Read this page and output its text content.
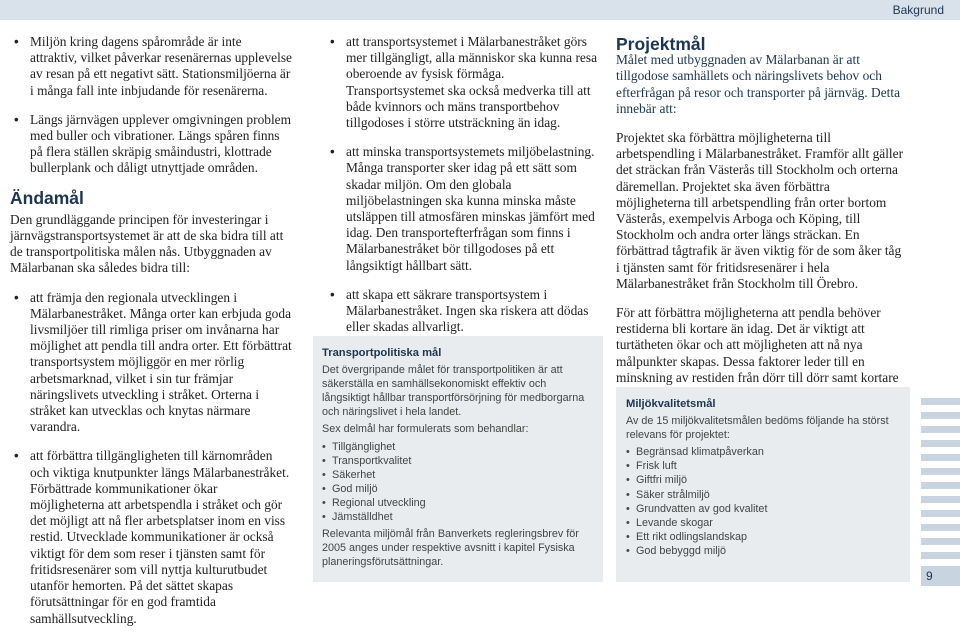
Bakgrund
• Miljön kring dagens spårområde är inte attraktiv, vilket påverkar resenärernas upplevelse av resan på ett negativt sätt. Stationsmiljöerna är i många fall inte inbjudande för resenärerna.
• Längs järnvägen upplever omgivningen problem med buller och vibrationer. Längs spåren finns på flera ställen skräpig småindustri, klottrade bullerplank och dåligt utnyttjade områden.
Ändamål

Den grundläggande principen för investeringar i järnvägstransportsystemet är att de ska bidra till att de transportpolitiska målen nås. Utbyggnaden av Mälarbanan ska således bidra till:

• att främja den regionala utvecklingen i Mälarbanestråket. Många orter kan erbjuda goda livsmiljöer till rimliga priser om invånarna har möjlighet att pendla till andra orter. Ett förbättrat transportsystem möjliggör en mer rörlig arbetsmarknad, vilket i sin tur främjar näringslivets utveckling i stråket. Orterna i stråket kan utvecklas och knytas närmare varandra.
• att förbättra tillgängligheten till kärnområden och viktiga knutpunkter längs Mälarbanestråket. Förbättrade kommunikationer ökar möjligheterna att arbetspendla i stråket och gör det möjligt att nå fler arbetsplatser inom en viss restid. Utvecklade kommunikationer är också viktigt för dem som reser i tjänsten samt för fritidsresenärer som vill nyttja kulturutbudet utanför hemorten. På det sättet skapas förutsättningar för en god framtida samhällsutveckling.
• att transportsystemet i Mälarbanestråket görs mer tillgängligt, alla människor ska kunna resa oberoende av fysisk förmåga. Transportsystemet ska också medverka till att både kvinnors och mäns transportbehov tillgodoses i större utsträckning än idag.
• att minska transportsystemets miljöbelastning. Många transporter sker idag på ett sätt som skadar miljön. Om den globala miljöbelastningen ska kunna minska måste utsläppen till atmosfären minskas jämfört med idag. Den transportefterfrågan som finns i Mälarbanestråket bör tillgodoses på ett långsiktigt hållbart sätt.
• att skapa ett säkrare transportsystem i Mälarbanestråket. Ingen ska riskera att dödas eller skadas allvarligt.
Transportpolitiska mål

Det övergripande målet för transportpolitiken är att säkerställa en samhällsekonomiskt effektiv och långsiktigt hållbar transportförsörjning för medborgarna och näringslivet i hela landet.

Sex delmål har formulerats som behandlar:

• Tillgänglighet
• Transportkvalitet
• Säkerhet
• God miljö
• Regional utveckling
• Jämställdhet

Relevanta miljömål från Banverkets regleringsbrev för 2005 anges under respektive avsnitt i kapitel Fysiska planeringsförutsättningar.

Projektmål

Målet med utbyggnaden av Mälarbanan är att tillgodose samhällets och näringslivets behov och efterfrågan på resor och transporter på järnväg. Detta innebär att:

Projektet ska förbättra möjligheterna till arbetspendling i Mälarbanestråket. Framför allt gäller det sträckan från Västerås till Stockholm och orterna däremellan. Projektet ska även förbättra möjligheterna till arbetspendling från orter bortom Västerås, exempelvis Arboga och Köping, till Stockholm och andra orter längs sträckan. En förbättrad tågtrafik är även viktig för de som åker tåg i tjänsten samt för fritidsresenärer i hela Mälarbanestråket från Stockholm till Örebro.

För att förbättra möjligheterna att pendla behöver restiderna bli kortare än idag. Det är viktigt att turtätheten ökar och att möjligheten att nå nya målpunkter skapas. Dessa faktorer leder till en minskning av restiden från dörr till dörr samt kortare

Miljökvalitetsmål

Av de 15 miljökvalitetsmålen bedöms följande ha störst relevans för projektet:

• Begränsad klimatpåverkan
• Frisk luft
• Giftfri miljö
• Säker strålmiljö
• Grundvatten av god kvalitet
• Levande skogar
• Ett rikt odlingslandskap
• God bebyggd miljö
9
